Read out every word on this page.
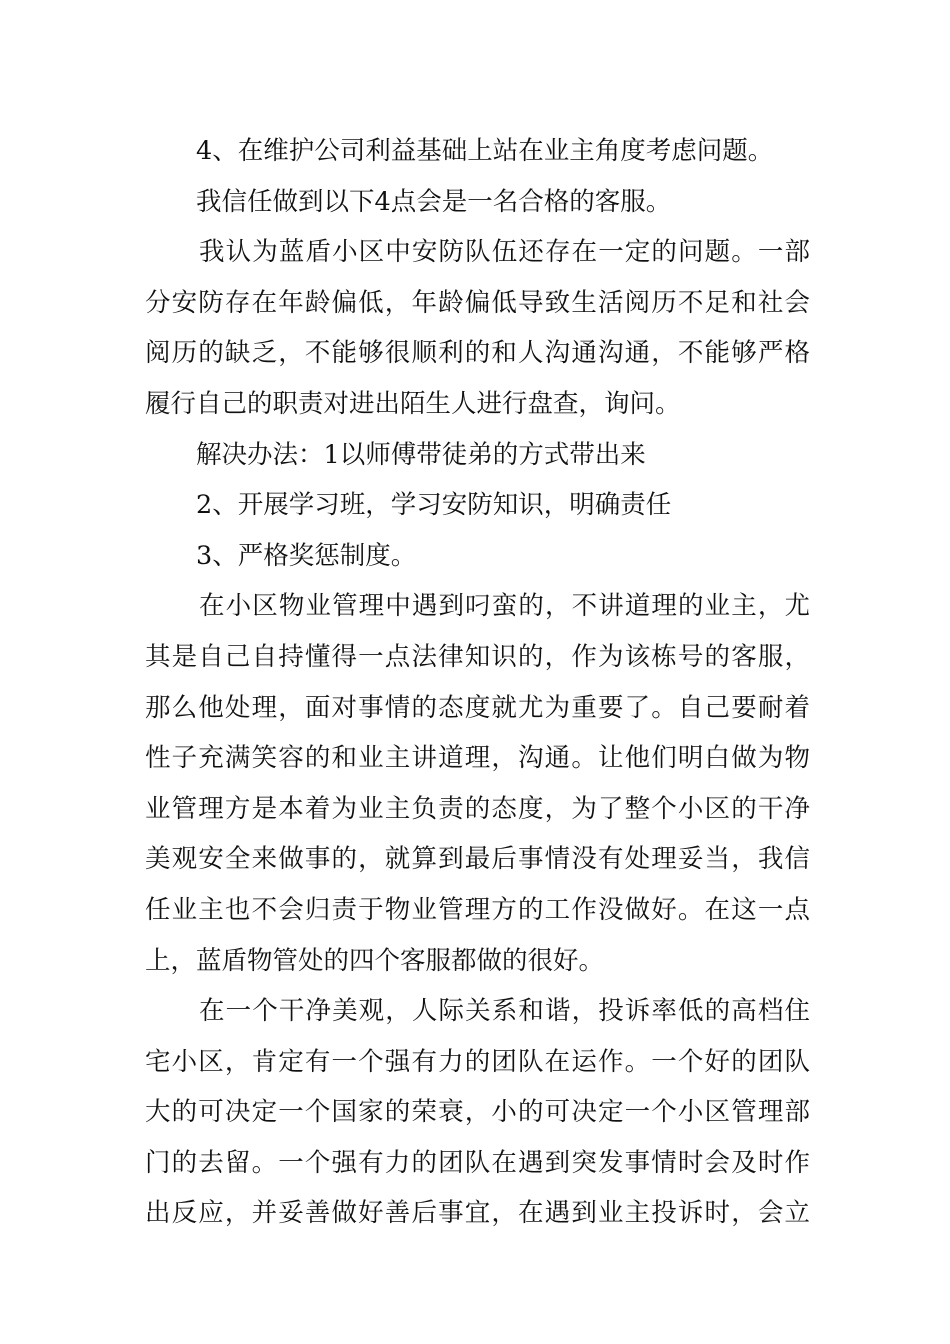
4、在维护公司利益基础上站在业主角度考虑问题。
我信任做到以下4点会是一名合格的客服。
我认为蓝盾小区中安防队伍还存在一定的问题。一部
分安防存在年龄偏低，年龄偏低导致生活阅历不足和社会
阅历的缺乏，不能够很顺利的和人沟通沟通，不能够严格
履行自己的职责对进出陌生人进行盘查，询问。
解决办法：1以师傅带徒弟的方式带出来
2、开展学习班，学习安防知识，明确责任
3、严格奖惩制度。
在小区物业管理中遇到叼蛮的，不讲道理的业主，尤
其是自己自持懂得一点法律知识的，作为该栋号的客服，
那么他处理，面对事情的态度就尤为重要了。自己要耐着
性子充满笑容的和业主讲道理，沟通。让他们明白做为物
业管理方是本着为业主负责的态度，为了整个小区的干净
美观安全来做事的，就算到最后事情没有处理妥当，我信
任业主也不会归责于物业管理方的工作没做好。在这一点
上，蓝盾物管处的四个客服都做的很好。
在一个干净美观，人际关系和谐，投诉率低的高档住
宅小区，肯定有一个强有力的团队在运作。一个好的团队
大的可决定一个国家的荣衰，小的可决定一个小区管理部
门的去留。一个强有力的团队在遇到突发事情时会及时作
出反应，并妥善做好善后事宜，在遇到业主投诉时，会立
